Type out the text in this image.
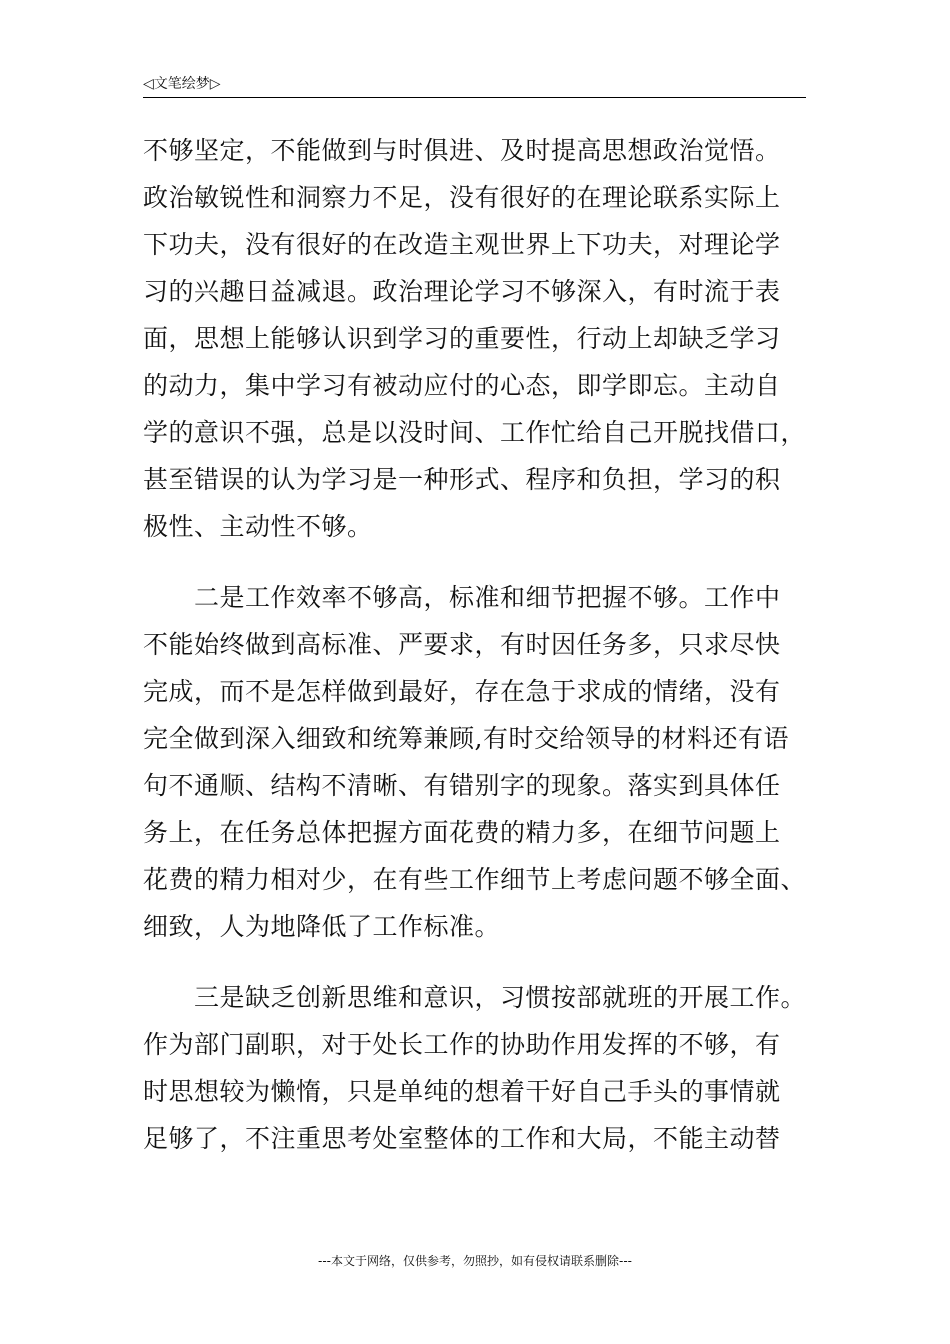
◁文笔绘梦▷
不够坚定，不能做到与时俱进、及时提高思想政治觉悟。
政治敏锐性和洞察力不足，没有很好的在理论联系实际上
下功夫，没有很好的在改造主观世界上下功夫，对理论学
习的兴趣日益减退。政治理论学习不够深入，有时流于表
面，思想上能够认识到学习的重要性，行动上却缺乏学习
的动力，集中学习有被动应付的心态，即学即忘。主动自
学的意识不强，总是以没时间、工作忙给自己开脱找借口，
甚至错误的认为学习是一种形式、程序和负担，学习的积
极性、主动性不够。
　　二是工作效率不够高，标准和细节把握不够。工作中
不能始终做到高标准、严要求，有时因任务多，只求尽快
完成，而不是怎样做到最好，存在急于求成的情绪，没有
完全做到深入细致和统筹兼顾,有时交给领导的材料还有语
句不通顺、结构不清晰、有错别字的现象。落实到具体任
务上，在任务总体把握方面花费的精力多，在细节问题上
花费的精力相对少，在有些工作细节上考虑问题不够全面、
细致，人为地降低了工作标准。
　　三是缺乏创新思维和意识，习惯按部就班的开展工作。
作为部门副职，对于处长工作的协助作用发挥的不够，有
时思想较为懒惰，只是单纯的想着干好自己手头的事情就
足够了，不注重思考处室整体的工作和大局，不能主动替
---本文于网络，仅供参考，勿照抄，如有侵权请联系删除---
